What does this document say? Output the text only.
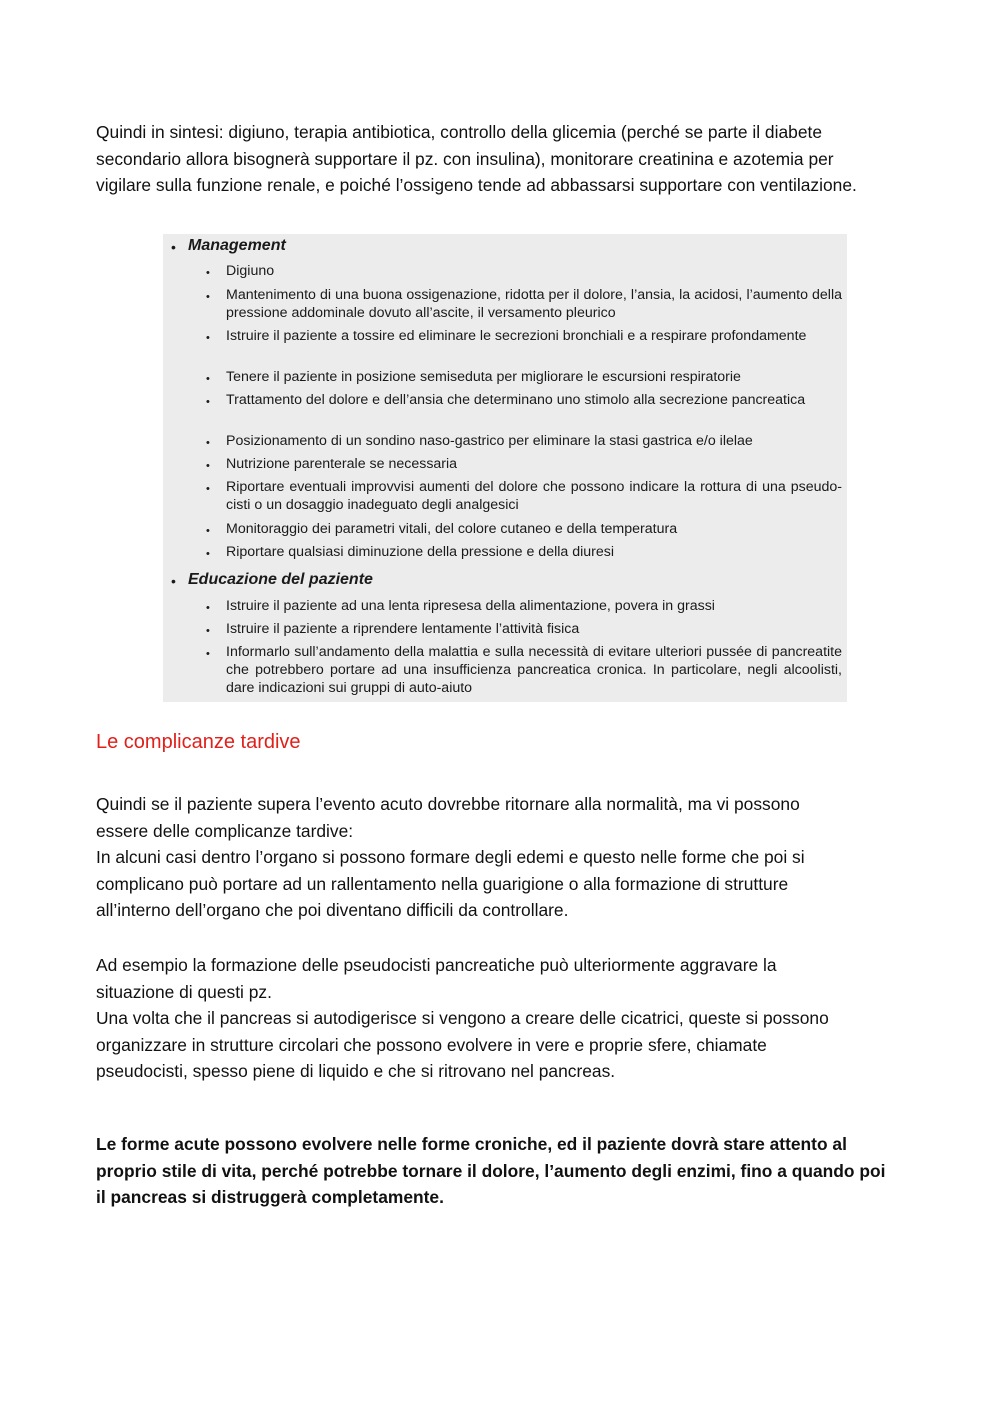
Quindi in sintesi: digiuno, terapia antibiotica, controllo della glicemia (perché se parte il diabete
secondario allora bisognerà supportare il pz. con insulina), monitorare creatinina e azotemia per
vigilare sulla funzione renale, e poiché l’ossigeno tende ad abbassarsi supportare con ventilazione.

• Management
• Digiuno
• Mantenimento di una buona ossigenazione, ridotta per il dolore, l’ansia, la acidosi, l’aumento della pressione addominale dovuto all’ascite, il versamento pleurico
• Istruire il paziente a tossire ed eliminare le secrezioni bronchiali e a respirare profondamente
• Tenere il paziente in posizione semiseduta per migliorare le escursioni respiratorie
• Trattamento del dolore e dell’ansia che determinano uno stimolo alla secrezione pancreatica
• Posizionamento di un sondino naso-gastrico per eliminare la stasi gastrica e/o ilelae
• Nutrizione parenterale se necessaria
• Riportare eventuali improvvisi aumenti del dolore che possono indicare la rottura di una pseudo-cisti o un dosaggio inadeguato degli analgesici
• Monitoraggio dei parametri vitali, del colore cutaneo e della temperatura
• Riportare qualsiasi diminuzione della pressione e della diuresi
• Educazione del paziente
• Istruire il paziente ad una lenta ripresesa della alimentazione, povera in grassi
• Istruire il paziente a riprendere lentamente l’attività fisica
• Informarlo sull’andamento della malattia e sulla necessità di evitare ulteriori pussée di pancreatite che potrebbero portare ad una insufficienza pancreatica cronica. In particolare, negli alcoolisti, dare indicazioni sui gruppi di auto-aiuto
Le complicanze tardive

Quindi se il paziente supera l’evento acuto dovrebbe ritornare alla normalità, ma vi possono
essere delle complicanze tardive:
In alcuni casi dentro l’organo si possono formare degli edemi e questo nelle forme che poi si
complicano può portare ad un rallentamento nella guarigione o alla formazione di strutture
all’interno dell’organo che poi diventano difficili da controllare.

Ad esempio la formazione delle pseudocisti pancreatiche può ulteriormente aggravare la
situazione di questi pz.
Una volta che il pancreas si autodigerisce si vengono a creare delle cicatrici, queste si possono
organizzare in strutture circolari che possono evolvere in vere e proprie sfere, chiamate
pseudocisti, spesso piene di liquido e che si ritrovano nel pancreas.

Le forme acute possono evolvere nelle forme croniche, ed il paziente dovrà stare attento al
proprio stile di vita, perché potrebbe tornare il dolore, l’aumento degli enzimi, fino a quando poi
il pancreas si distruggerà completamente.
